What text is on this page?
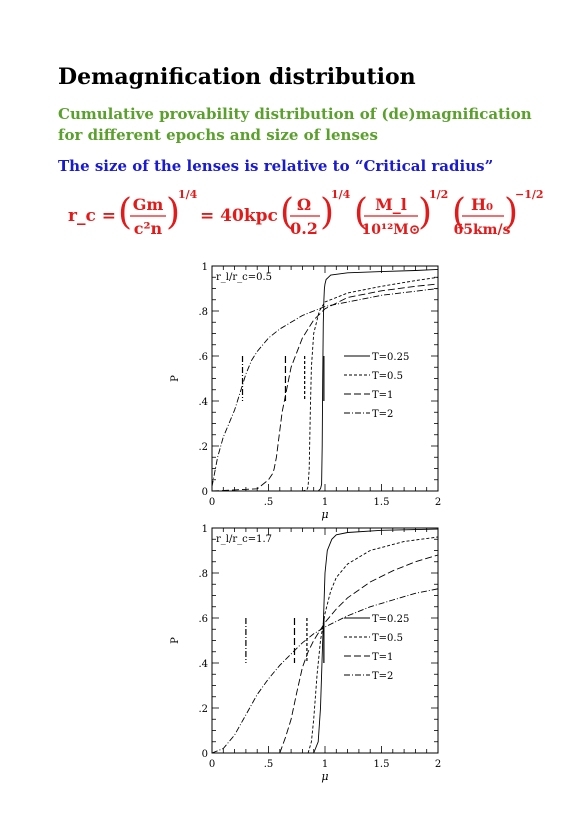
Demagnification distribution

Cumulative provability distribution of (de)magnification for different epochs and size of lenses

The size of the lenses is relative to “Critical radius”

r_c = ( Gm
c²n )
1/4
= 40kpc ( Ω
0.2 )
1/4 ( M_l
10¹²M⊙
)
1/2 ( H₀
65km/s
)
−1/2
0	.5	1	1.5	2
0
.2
.4
.6
.8
1
μ
P
r_l/r_c=0.5
T=0.25
T=0.5
T=1
T=2
0	.5	1	1.5	2
0
.2
.4
.6
.8
1
μ
P
r_l/r_c=1.7
T=0.25
T=0.5
T=1
T=2
